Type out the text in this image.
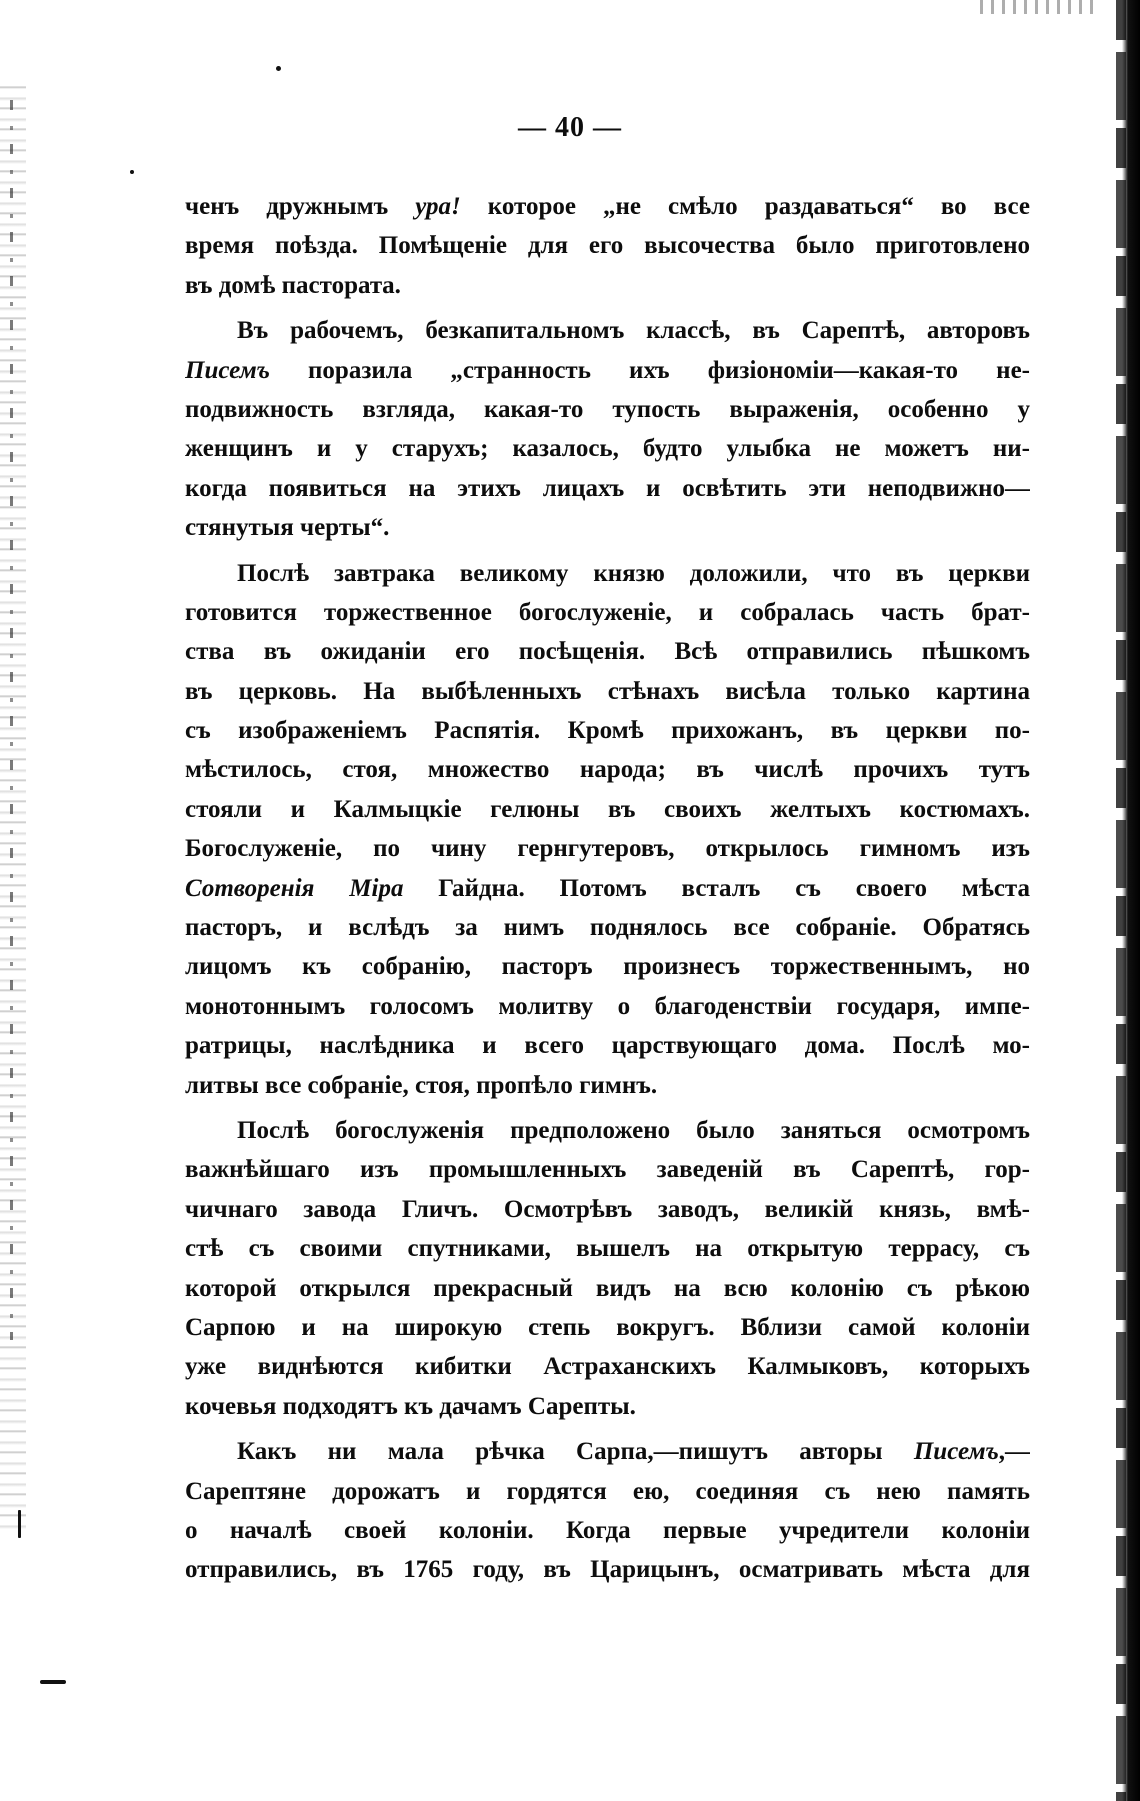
— 40 —
ченъ дружнымъ ура! которое „не смѣло раздаваться“ во все
время поѣзда. Помѣщеніе для его высочества было приготовлено
въ домѣ пасторатa.
Въ рабочемъ, безкапитальномъ классѣ, въ Сарептѣ, авторовъ
Писемъ поразила „странность ихъ физіономіи—какая-то не-
подвижность взгляда, какая-то тупость выраженія, особенно у
женщинъ и у старухъ; казалось, будто улыбка не можетъ ни-
когда появиться на этихъ лицахъ и освѣтить эти неподвижно—
стянутыя черты“.
Послѣ завтрака великому князю доложили, что въ церкви
готовится торжественное богослуженіе, и собралась часть брат-
ства въ ожиданіи его посѣщенія. Всѣ отправились пѣшкомъ
въ церковь. На выбѣленныхъ стѣнахъ висѣла только картина
съ изображеніемъ Распятія. Кромѣ прихожанъ, въ церкви по-
мѣстилось, стоя, множество народа; въ числѣ прочихъ тутъ
стояли и Калмыцкіе гелюны въ своихъ желтыхъ костюмахъ.
Богослуженіе, по чину гернгутеровъ, открылось гимномъ изъ
Сотворенія Міра Гайдна. Потомъ всталъ съ своего мѣста
пасторъ, и вслѣдъ за нимъ поднялось все собраніе. Обратясь
лицомъ къ собранію, пасторъ произнесъ торжественнымъ, но
монотоннымъ голосомъ молитву о благоденствіи государя, импе-
ратрицы, наслѣдника и всего царствующаго дома. Послѣ мо-
литвы все собраніе, стоя, пропѣло гимнъ.
Послѣ богослуженія предположено было заняться осмотромъ
важнѣйшаго изъ промышленныхъ заведеній въ Сарептѣ, гор-
чичнаго завода Гличъ. Осмотрѣвъ заводъ, великій князь, вмѣ-
стѣ съ своими спутниками, вышелъ на открытую террасу, съ
которой открылся прекрасный видъ на всю колонію съ рѣкою
Сарпою и на широкую степь вокругъ. Вблизи самой колоніи
уже виднѣются кибитки Астраханскихъ Калмыковъ, которыхъ
кочевья подходятъ къ дачамъ Сарепты.
Какъ ни мала рѣчка Сарпа,—пишутъ авторы Писемъ,—
Сарептяне дорожатъ и гордятся ею, соединяя съ нею память
о началѣ своей колоніи. Когда первые учредители колоніи
отправились, въ 1765 году, въ Царицынъ, осматривать мѣста для
